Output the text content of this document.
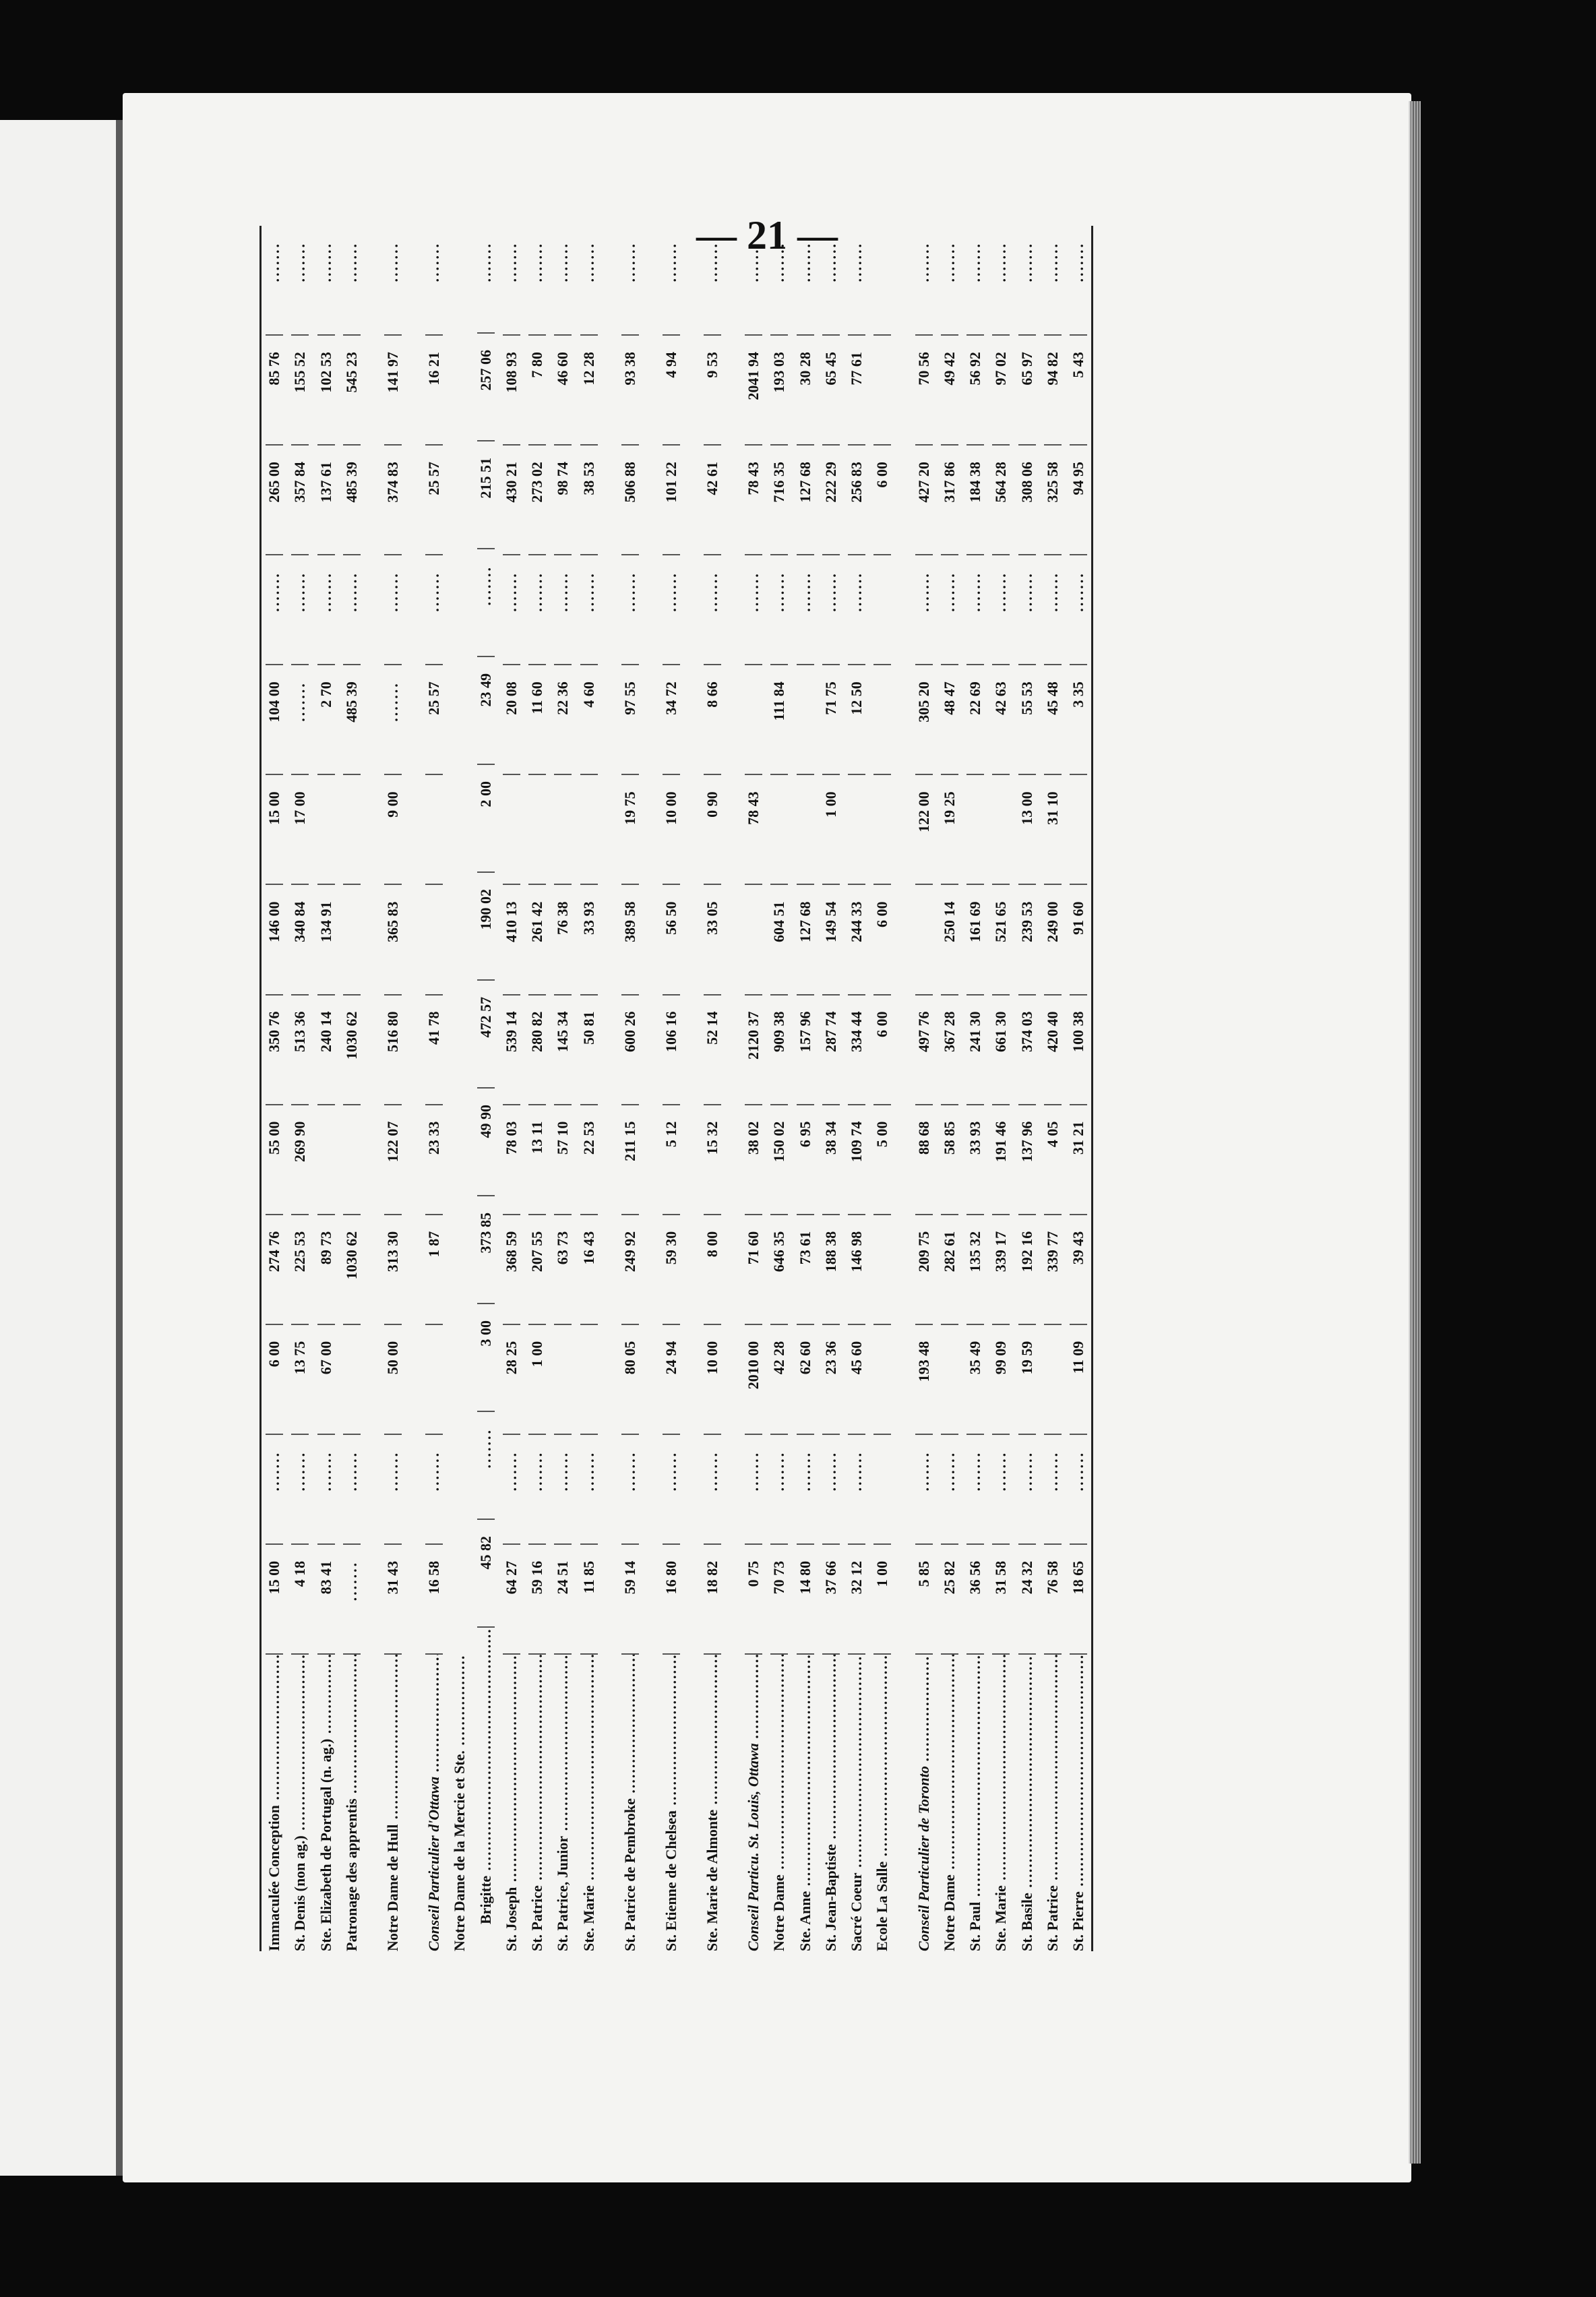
— 21 —
Immaculée Conception .....
15 00
.......
6 00
274 76
55 00
350 76
146 00
15 00
104 00
.......
265 00
85 76
.......
St. Denis (non ag.) .....
4 18
.......
13 75
225 53
269 90
513 36
340 84
17 00
.......
.......
357 84
155 52
.......
Ste. Elizabeth de Portugal (n. ag.) .....
83 41
.......
67 00
89 73
240 14
134 91
2 70
.......
137 61
102 53
.......
Patronage des apprentis .....
.......
.......
1030 62
1030 62
485 39
.......
485 39
545 23
.......
Notre Dame de Hull .....
31 43
.......
50 00
313 30
122 07
516 80
365 83
9 00
.......
.......
374 83
141 97
.......
Conseil Particulier d'Ottawa .....
16 58
.......
1 87
23 33
41 78
25 57
.......
25 57
16 21
.......
Notre Dame de la Mercie et Ste. ..... Brigitte .....
45 82
.......
3 00
373 85
49 90
472 57
190 02
2 00
23 49
.......
215 51
257 06
.......
St. Joseph .....
64 27
.......
28 25
368 59
78 03
539 14
410 13
20 08
.......
430 21
108 93
.......
St. Patrice .....
59 16
.......
1 00
207 55
13 11
280 82
261 42
11 60
.......
273 02
7 80
.......
St. Patrice, Junior .....
24 51
.......
63 73
57 10
145 34
76 38
22 36
.......
98 74
46 60
.......
Ste. Marie .....
11 85
.......
16 43
22 53
50 81
33 93
4 60
.......
38 53
12 28
.......
St. Patrice de Pembroke .....
59 14
.......
80 05
249 92
211 15
600 26
389 58
19 75
97 55
.......
506 88
93 38
.......
St. Etienne de Chelsea .....
16 80
.......
24 94
59 30
5 12
106 16
56 50
10 00
34 72
.......
101 22
4 94
.......
Ste. Marie de Almonte .....
18 82
.......
10 00
8 00
15 32
52 14
33 05
0 90
8 66
.......
42 61
9 53
.......
Conseil Particu. St. Louis, Ottawa .....
0 75
.......
2010 00
71 60
38 02
2120 37
78 43
.......
78 43
2041 94
.......
Notre Dame .....
70 73
.......
42 28
646 35
150 02
909 38
604 51
111 84
.......
716 35
193 03
.......
Ste. Anne .....
14 80
.......
62 60
73 61
6 95
157 96
127 68
.......
127 68
30 28
.......
St. Jean-Baptiste .....
37 66
.......
23 36
188 38
38 34
287 74
149 54
1 00
71 75
.......
222 29
65 45
.......
Sacré Coeur .....
32 12
.......
45 60
146 98
109 74
334 44
244 33
12 50
.......
256 83
77 61
.......
Ecole La Salle .....
1 00
5 00
6 00
6 00
6 00
Conseil Particulier de Toronto .....
5 85
.......
193 48
209 75
88 68
497 76
122 00
305 20
.......
427 20
70 56
.......
Notre Dame .....
25 82
.......
282 61
58 85
367 28
250 14
19 25
48 47
.......
317 86
49 42
.......
St. Paul .....
36 56
.......
35 49
135 32
33 93
241 30
161 69
22 69
.......
184 38
56 92
.......
Ste. Marie .....
31 58
.......
99 09
339 17
191 46
661 30
521 65
42 63
.......
564 28
97 02
.......
St. Basile .....
24 32
.......
19 59
192 16
137 96
374 03
239 53
13 00
55 53
.......
308 06
65 97
.......
St. Patrice .....
76 58
.......
339 77
4 05
420 40
249 00
31 10
45 48
.......
325 58
94 82
.......
St. Pierre .....
18 65
.......
11 09
39 43
31 21
100 38
91 60
3 35
.......
94 95
5 43
.......
